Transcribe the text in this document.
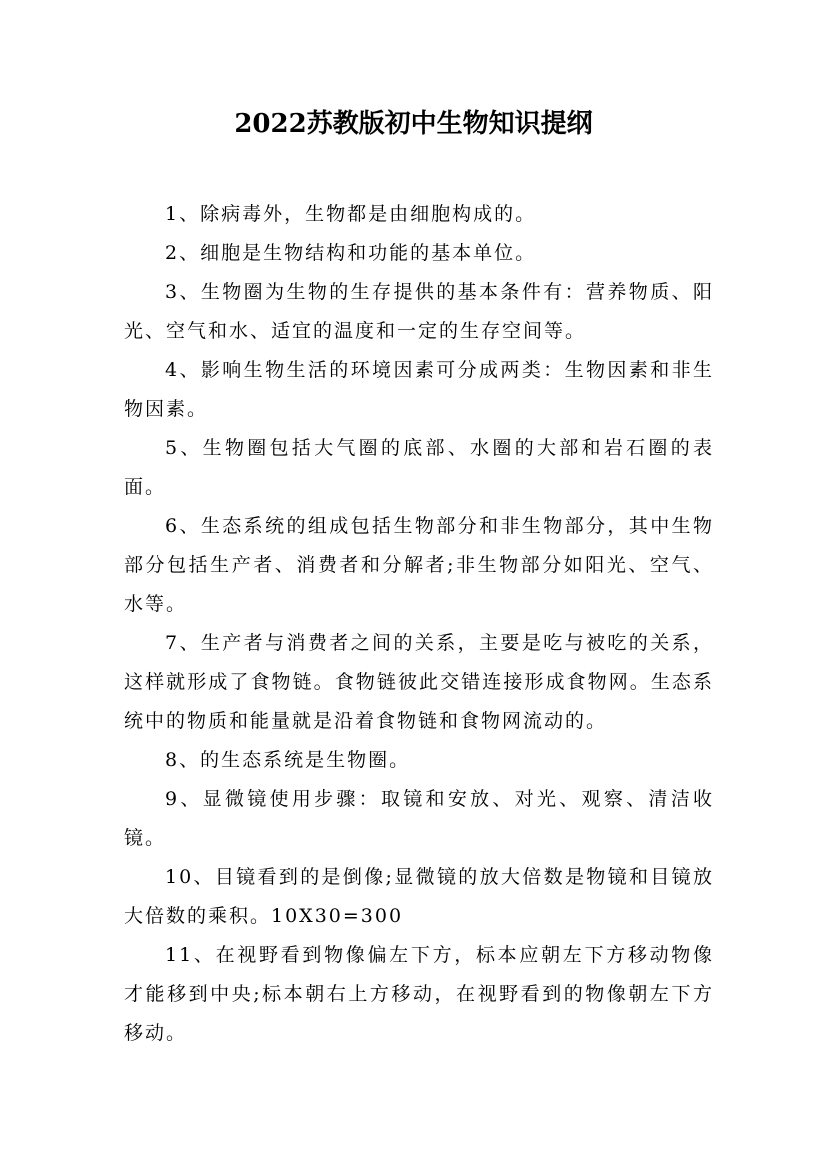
2022苏教版初中生物知识提纲

1、除病毒外，生物都是由细胞构成的。

2、细胞是生物结构和功能的基本单位。

3、生物圈为生物的生存提供的基本条件有：营养物质、阳光、空气和水、适宜的温度和一定的生存空间等。

4、影响生物生活的环境因素可分成两类：生物因素和非生物因素。

5、生物圈包括大气圈的底部、水圈的大部和岩石圈的表面。

6、生态系统的组成包括生物部分和非生物部分，其中生物部分包括生产者、消费者和分解者;非生物部分如阳光、空气、水等。

7、生产者与消费者之间的关系，主要是吃与被吃的关系，这样就形成了食物链。食物链彼此交错连接形成食物网。生态系统中的物质和能量就是沿着食物链和食物网流动的。

8、的生态系统是生物圈。

9、显微镜使用步骤：取镜和安放、对光、观察、清洁收镜。

10、目镜看到的是倒像;显微镜的放大倍数是物镜和目镜放大倍数的乘积。10X30=300

11、在视野看到物像偏左下方，标本应朝左下方移动物像才能移到中央;标本朝右上方移动，在视野看到的物像朝左下方移动。
